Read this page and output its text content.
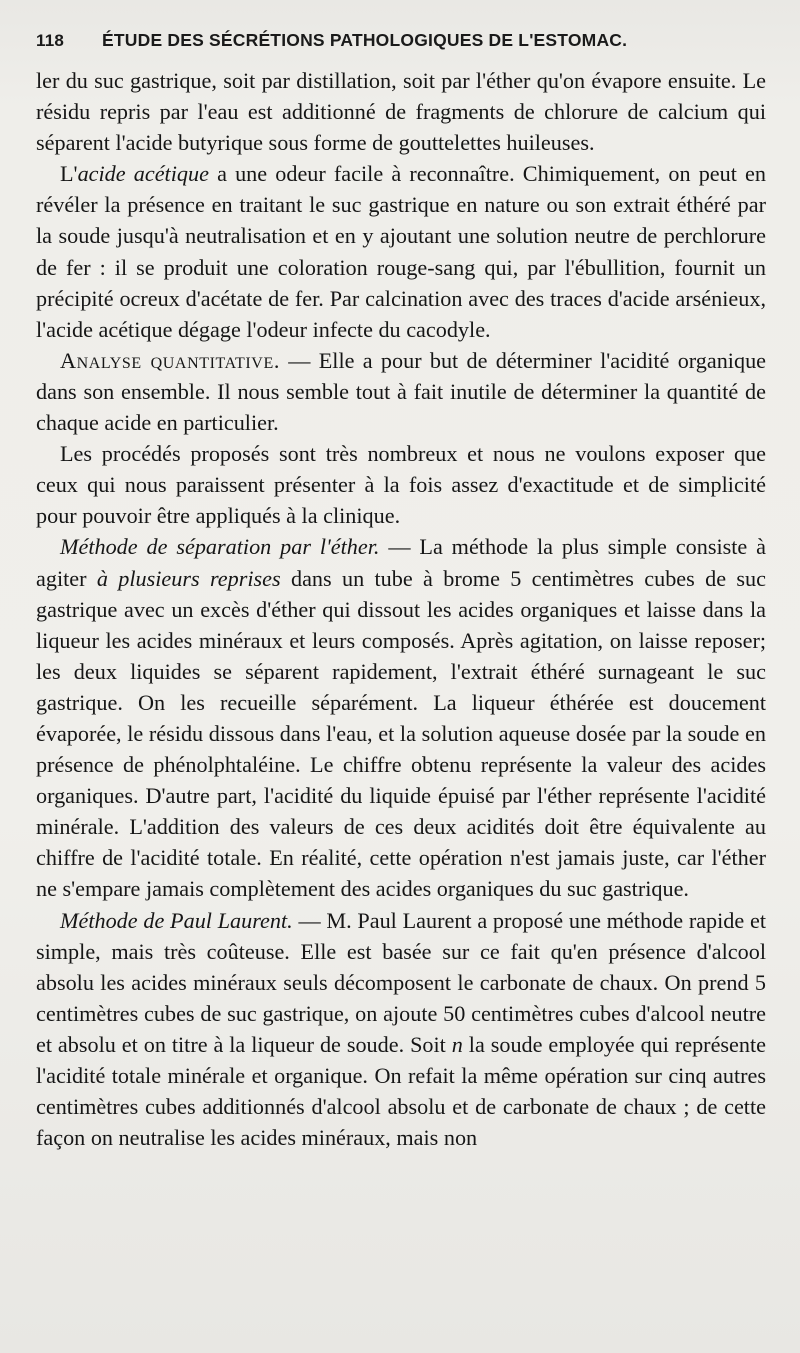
118	ÉTUDE DES SÉCRÉTIONS PATHOLOGIQUES DE L'ESTOMAC.

ler du suc gastrique, soit par distillation, soit par l'éther qu'on évapore ensuite. Le résidu repris par l'eau est additionné de fragments de chlorure de calcium qui séparent l'acide butyrique sous forme de gouttelettes huileuses.

L'acide acétique a une odeur facile à reconnaître. Chimiquement, on peut en révéler la présence en traitant le suc gastrique en nature ou son extrait éthéré par la soude jusqu'à neutralisation et en y ajoutant une solution neutre de perchlorure de fer : il se produit une coloration rouge-sang qui, par l'ébullition, fournit un précipité ocreux d'acétate de fer. Par calcination avec des traces d'acide arsénieux, l'acide acétique dégage l'odeur infecte du cacodyle.

Analyse quantitative. — Elle a pour but de déterminer l'acidité organique dans son ensemble. Il nous semble tout à fait inutile de déterminer la quantité de chaque acide en particulier.

Les procédés proposés sont très nombreux et nous ne voulons exposer que ceux qui nous paraissent présenter à la fois assez d'exactitude et de simplicité pour pouvoir être appliqués à la clinique.

Méthode de séparation par l'éther. — La méthode la plus simple consiste à agiter à plusieurs reprises dans un tube à brome 5 centimètres cubes de suc gastrique avec un excès d'éther qui dissout les acides organiques et laisse dans la liqueur les acides minéraux et leurs composés. Après agitation, on laisse reposer; les deux liquides se séparent rapidement, l'extrait éthéré surnageant le suc gastrique. On les recueille séparément. La liqueur éthérée est doucement évaporée, le résidu dissous dans l'eau, et la solution aqueuse dosée par la soude en présence de phénolphtaléine. Le chiffre obtenu représente la valeur des acides organiques. D'autre part, l'acidité du liquide épuisé par l'éther représente l'acidité minérale. L'addition des valeurs de ces deux acidités doit être équivalente au chiffre de l'acidité totale. En réalité, cette opération n'est jamais juste, car l'éther ne s'empare jamais complètement des acides organiques du suc gastrique.

Méthode de Paul Laurent. — M. Paul Laurent a proposé une méthode rapide et simple, mais très coûteuse. Elle est basée sur ce fait qu'en présence d'alcool absolu les acides minéraux seuls décomposent le carbonate de chaux. On prend 5 centimètres cubes de suc gastrique, on ajoute 50 centimètres cubes d'alcool neutre et absolu et on titre à la liqueur de soude. Soit n la soude employée qui représente l'acidité totale minérale et organique. On refait la même opération sur cinq autres centimètres cubes additionnés d'alcool absolu et de carbonate de chaux ; de cette façon on neutralise les acides minéraux, mais non
